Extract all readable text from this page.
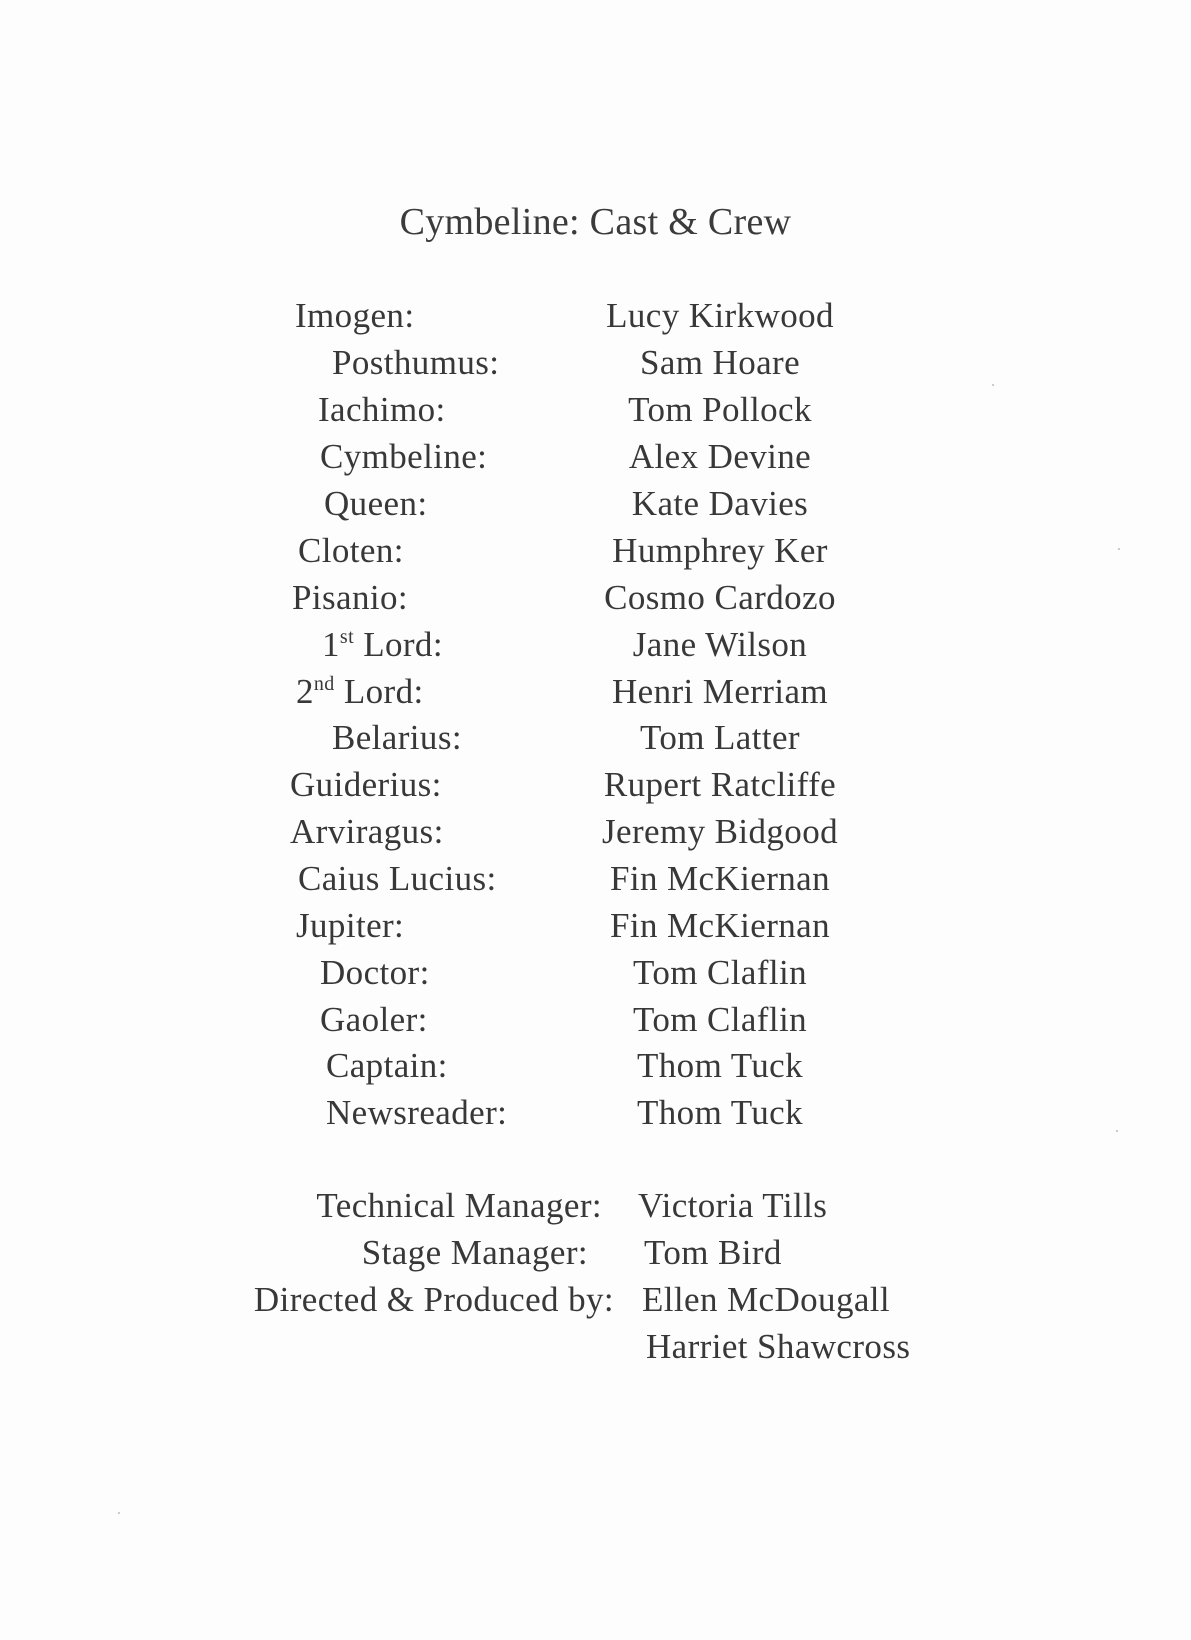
Cymbeline: Cast & Crew
Imogen:	Lucy Kirkwood
Posthumus:	Sam Hoare
Iachimo:	Tom Pollock
Cymbeline:	Alex Devine
Queen:	Kate Davies
Cloten:	Humphrey Ker
Pisanio:	Cosmo Cardozo
1st Lord:	Jane Wilson
2nd Lord:	Henri Merriam
Belarius:	Tom Latter
Guiderius:	Rupert Ratcliffe
Arviragus:	Jeremy Bidgood
Caius Lucius:	Fin McKiernan
Jupiter:	Fin McKiernan
Doctor:	Tom Claflin
Gaoler:	Tom Claflin
Captain:	Thom Tuck
Newsreader:	Thom Tuck
Technical Manager: Victoria Tills
Stage Manager: Tom Bird
Directed & Produced by: Ellen McDougall
Harriet Shawcross
